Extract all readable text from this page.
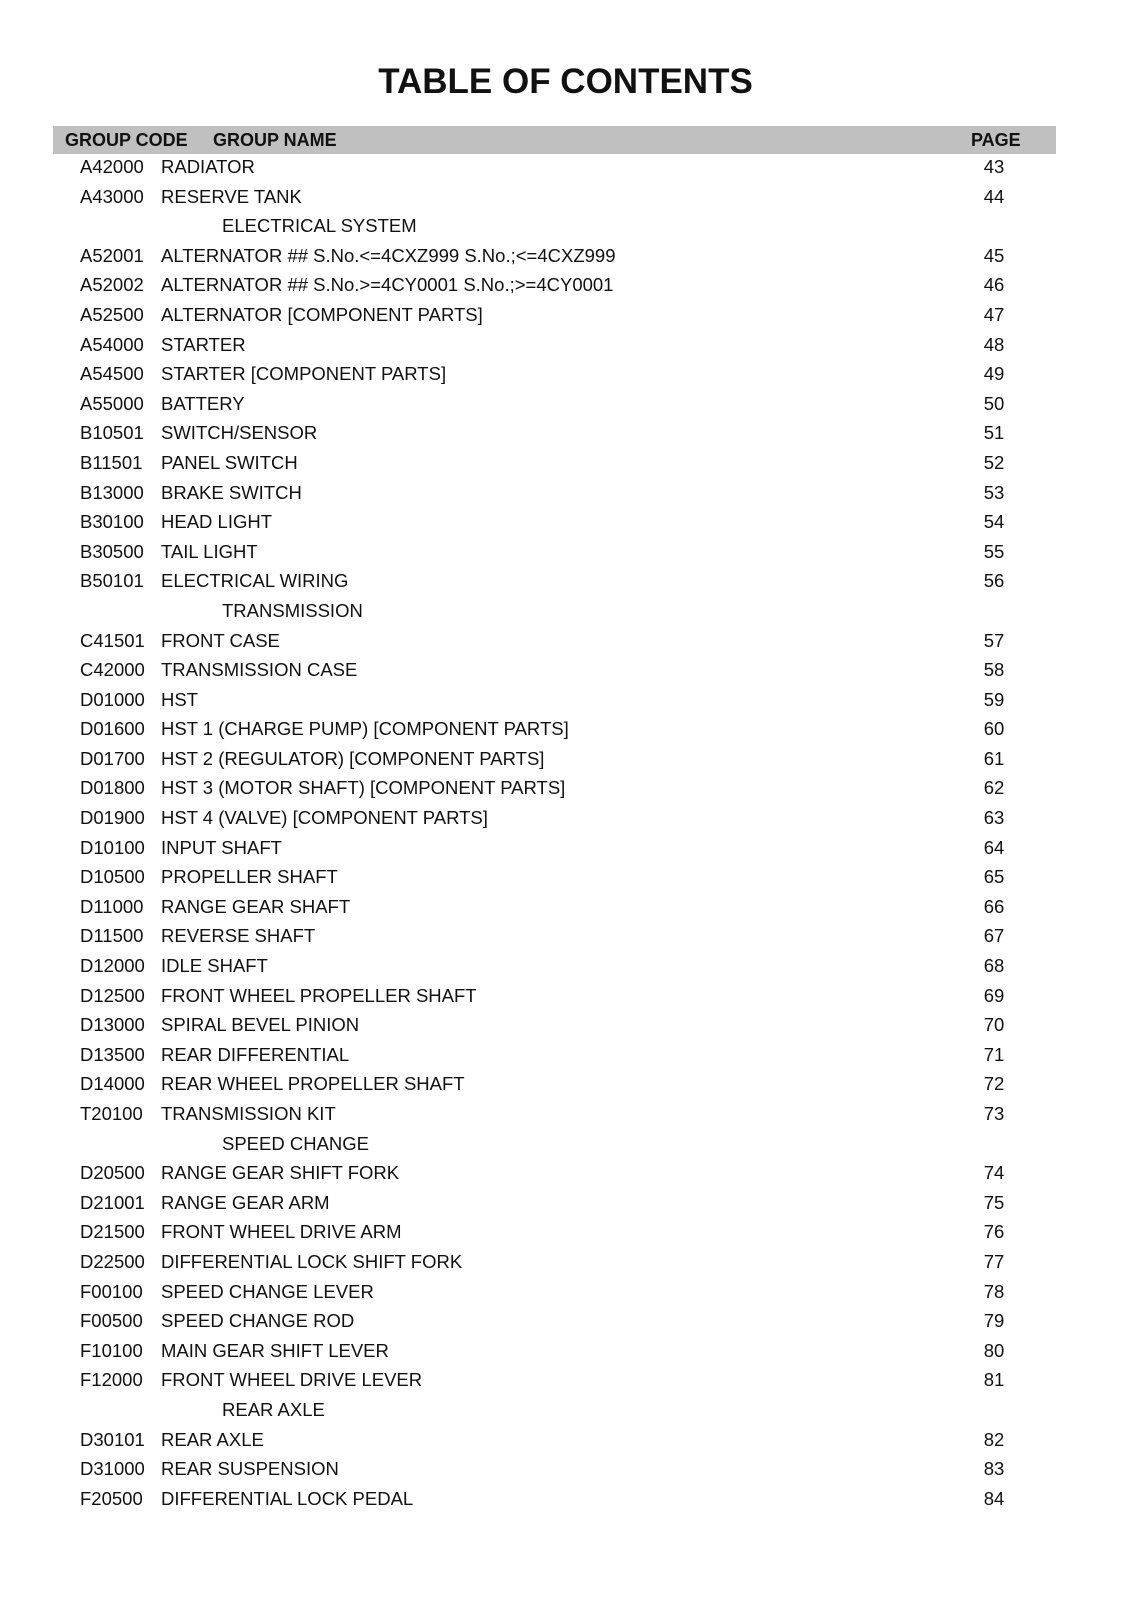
TABLE OF CONTENTS
GROUP CODE GROUP NAME	PAGE
A42000 RADIATOR	43
A43000 RESERVE TANK	44
ELECTRICAL SYSTEM
A52001 ALTERNATOR ## S.No.<=4CXZ999 S.No.;<=4CXZ999	45
A52002 ALTERNATOR ## S.No.>=4CY0001 S.No.;>=4CY0001	46
A52500 ALTERNATOR [COMPONENT PARTS]	47
A54000 STARTER	48
A54500 STARTER [COMPONENT PARTS]	49
A55000 BATTERY	50
B10501 SWITCH/SENSOR	51
B11501 PANEL SWITCH	52
B13000 BRAKE SWITCH	53
B30100 HEAD LIGHT	54
B30500 TAIL LIGHT	55
B50101 ELECTRICAL WIRING	56
TRANSMISSION
C41501 FRONT CASE	57
C42000 TRANSMISSION CASE	58
D01000 HST	59
D01600 HST 1 (CHARGE PUMP) [COMPONENT PARTS]	60
D01700 HST 2 (REGULATOR) [COMPONENT PARTS]	61
D01800 HST 3 (MOTOR SHAFT) [COMPONENT PARTS]	62
D01900 HST 4 (VALVE) [COMPONENT PARTS]	63
D10100 INPUT SHAFT	64
D10500 PROPELLER SHAFT	65
D11000 RANGE GEAR SHAFT	66
D11500 REVERSE SHAFT	67
D12000 IDLE SHAFT	68
D12500 FRONT WHEEL PROPELLER SHAFT	69
D13000 SPIRAL BEVEL PINION	70
D13500 REAR DIFFERENTIAL	71
D14000 REAR WHEEL PROPELLER SHAFT	72
T20100 TRANSMISSION KIT	73
SPEED CHANGE
D20500 RANGE GEAR SHIFT FORK	74
D21001 RANGE GEAR ARM	75
D21500 FRONT WHEEL DRIVE ARM	76
D22500 DIFFERENTIAL LOCK SHIFT FORK	77
F00100 SPEED CHANGE LEVER	78
F00500 SPEED CHANGE ROD	79
F10100 MAIN GEAR SHIFT LEVER	80
F12000 FRONT WHEEL DRIVE LEVER	81
REAR AXLE
D30101 REAR AXLE	82
D31000 REAR SUSPENSION	83
F20500 DIFFERENTIAL LOCK PEDAL	84
